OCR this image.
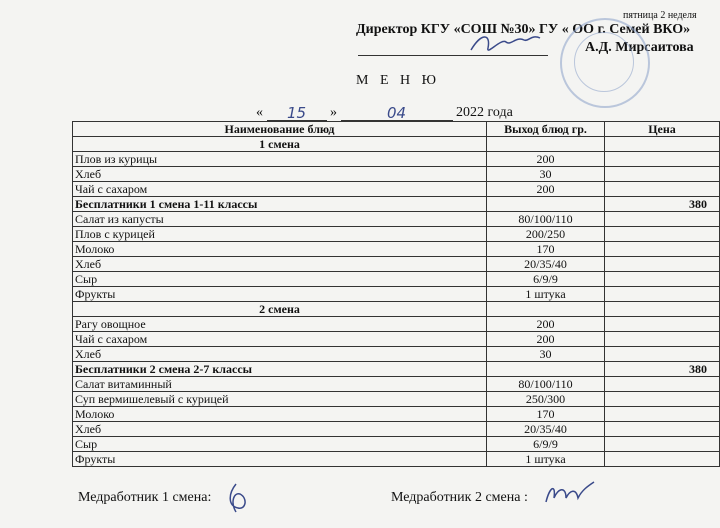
пятница 2 неделя
Директор КГУ «СОШ №30» ГУ « ОО г. Семей ВКО»
А.Д. Мирсаитова
М Е Н Ю
« 15 »	04	2022 года
Наименование блюд	Выход блюд гр.	Цена
1 смена		
Плов из курицы	200	
Хлеб	30	
Чай с сахаром	200	
Бесплатники 1 смена 1-11 классы		380
Салат из капусты	80/100/110	
Плов с курицей	200/250	
Молоко	170	
Хлеб	20/35/40	
Сыр	6/9/9	
Фрукты	1 штука	
2 смена		
Рагу овощное	200	
Чай с сахаром	200	
Хлеб	30	
Бесплатники 2 смена 2-7 классы		380
Салат витаминный	80/100/110	
Суп вермишелевый с курицей	250/300	
Молоко	170	
Хлеб	20/35/40	
Сыр	6/9/9	
Фрукты	1 штука	
Медработник 1 смена:	Медработник 2 смена :
